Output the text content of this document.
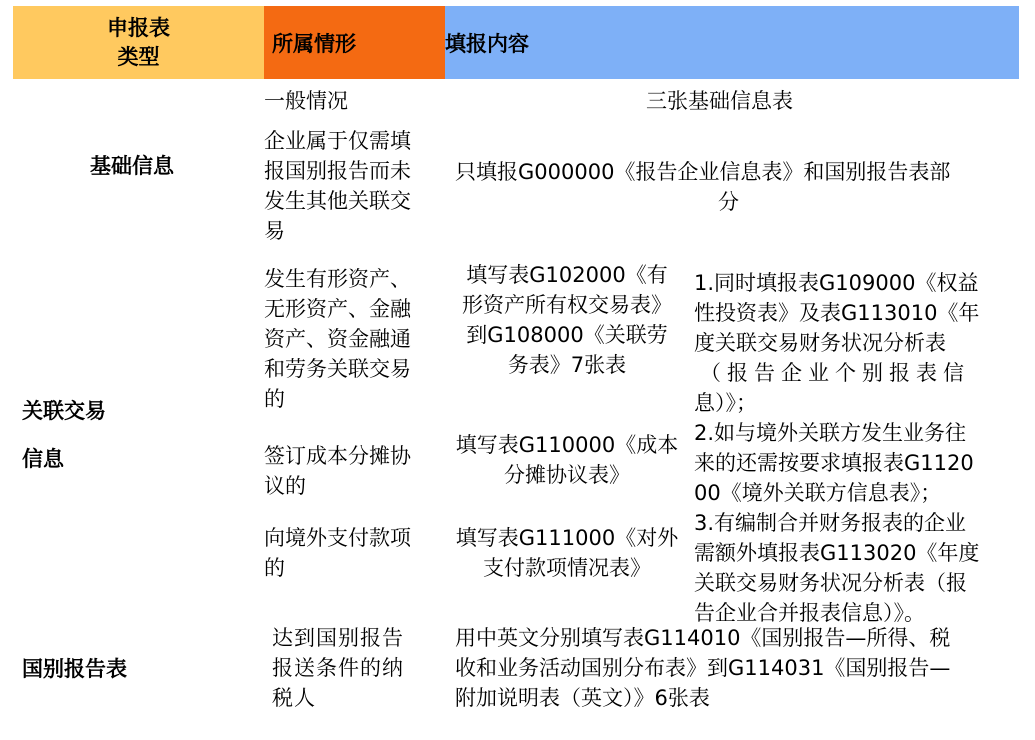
申报表
类型
所属情形	填报内容
基础信息
一般情况	三张基础信息表
企业属于仅需填
报国别报告而未
发生其他关联交
易
只填报G000000《报告企业信息表》和国别报告表部
分
关联交易
信息
发生有形资产、
无形资产、金融
资产、资金融通
和劳务关联交易
的
填写表G102000《有
形资产所有权交易表》
到G108000《关联劳
务表》7张表
签订成本分摊协
议的
填写表G110000《成本
分摊协议表》
向境外支付款项
的
填写表G111000《对外
支付款项情况表》
1.同时填报表G109000《权益
性投资表》及表G113010《年
度关联交易财务状况分析表
（报告企业个别报表信
息）》；
2.如与境外关联方发生业务往
来的还需按要求填报表G1120
00《境外关联方信息表》；
3.有编制合并财务报表的企业
需额外填报表G113020《年度
关联交易财务状况分析表（报
告企业合并报表信息）》。
国别报告表
达到国别报告
报送条件的纳
税人
用中英文分别填写表G114010《国别报告—所得、税
收和业务活动国别分布表》到G114031《国别报告—
附加说明表（英文）》6张表
